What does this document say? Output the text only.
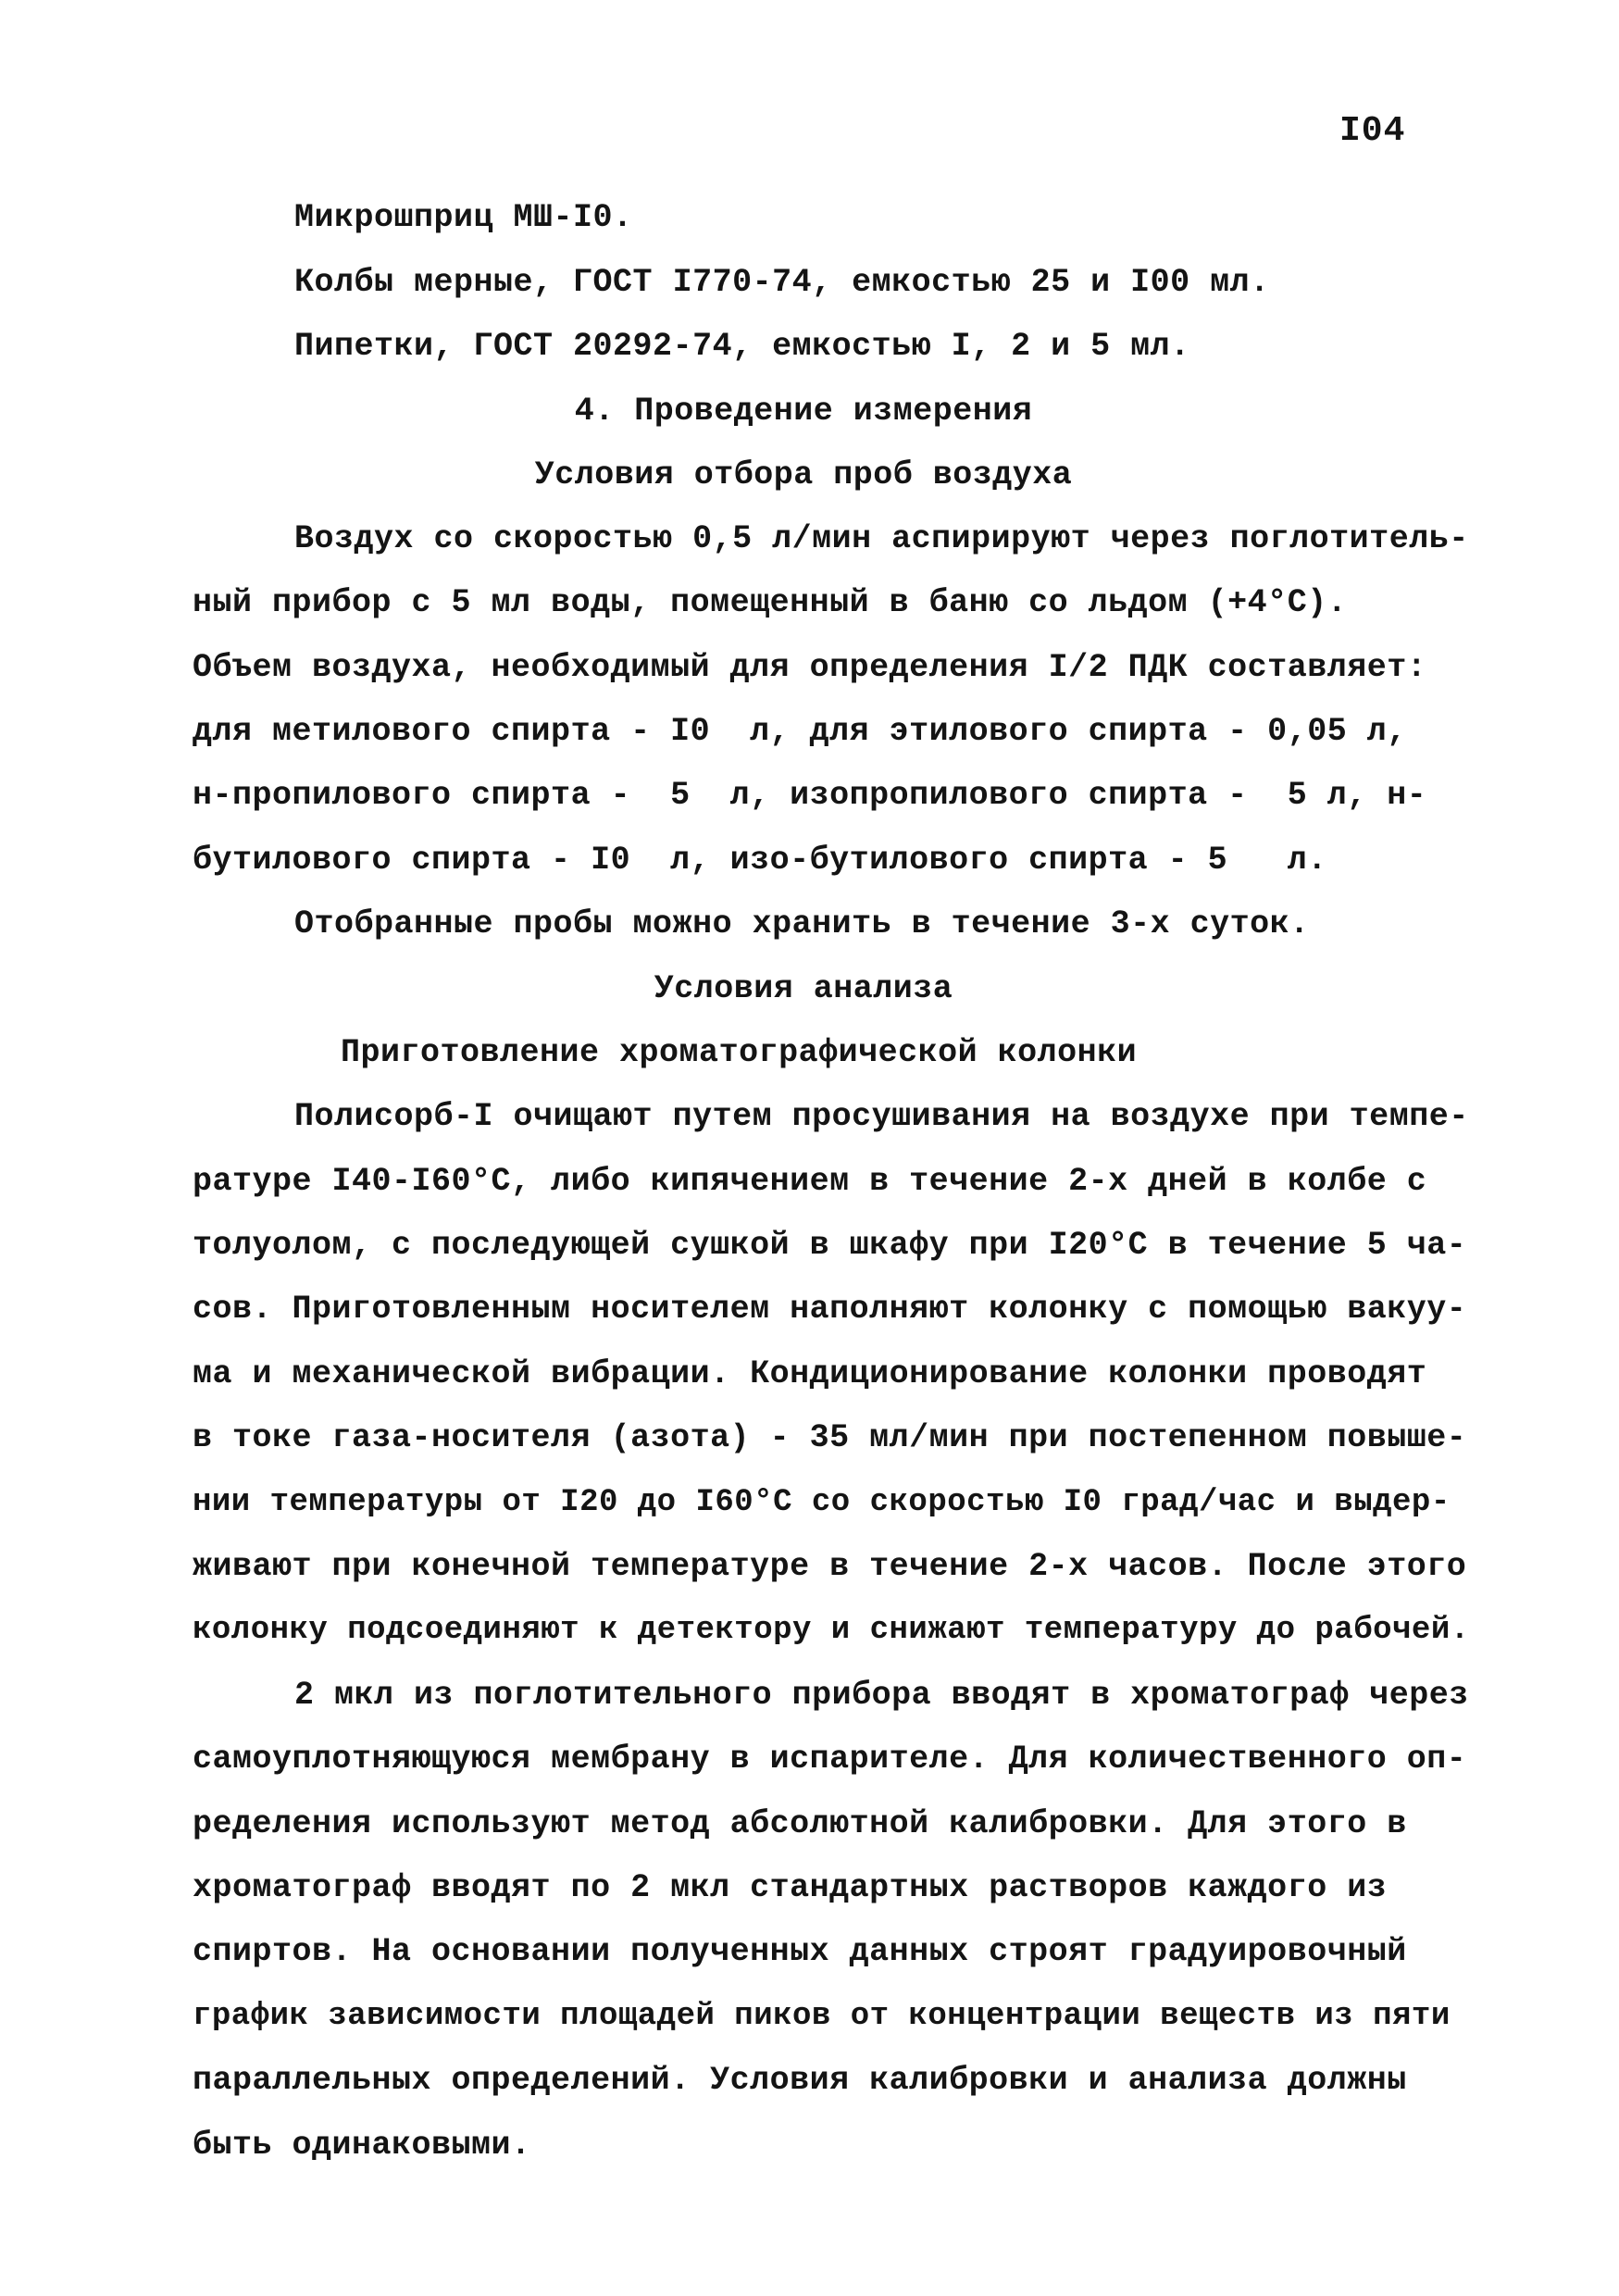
I04
Микрошприц МШ-I0.
Колбы мерные, ГОСТ I770-74, емкостью 25 и I00 мл.
Пипетки, ГОСТ 20292-74, емкостью I, 2 и 5 мл.
4. Проведение измерения
Условия отбора проб воздуха
Воздух со скоростью 0,5 л/мин аспирируют через поглотитель-
ный прибор с 5 мл воды, помещенный в баню со льдом (+4°C).
Объем воздуха, необходимый для определения I/2 ПДК составляет:
для метилового спирта - I0  л, для этилового спирта - 0,05 л,
н-пропилового спирта -  5  л, изопропилового спирта -  5 л, н-
бутилового спирта - I0  л, изо-бутилового спирта - 5   л.
Отобранные пробы можно хранить в течение 3-х суток.
Условия анализа
Приготовление хроматографической колонки
Полисорб-I очищают путем просушивания на воздухе при темпе-
ратуре I40-I60°C, либо кипячением в течение 2-х дней в колбе с
толуолом, с последующей сушкой в шкафу при I20°C в течение 5 ча-
сов. Приготовленным носителем наполняют колонку с помощью вакуу-
ма и механической вибрации. Кондиционирование колонки проводят
в токе газа-носителя (азота) - 35 мл/мин при постепенном повыше-
нии температуры от I20 до I60°C со скоростью I0 град/час и выдер-
живают при конечной температуре в течение 2-х часов. После этого
колонку подсоединяют к детектору и снижают температуру до рабочей.
2 мкл из поглотительного прибора вводят в хроматограф через
самоуплотняющуюся мембрану в испарителе. Для количественного оп-
ределения используют метод абсолютной калибровки. Для этого в
хроматограф вводят по 2 мкл стандартных растворов каждого из
спиртов. На основании полученных данных строят градуировочный
график зависимости площадей пиков от концентрации веществ из пяти
параллельных определений. Условия калибровки и анализа должны
быть одинаковыми.
